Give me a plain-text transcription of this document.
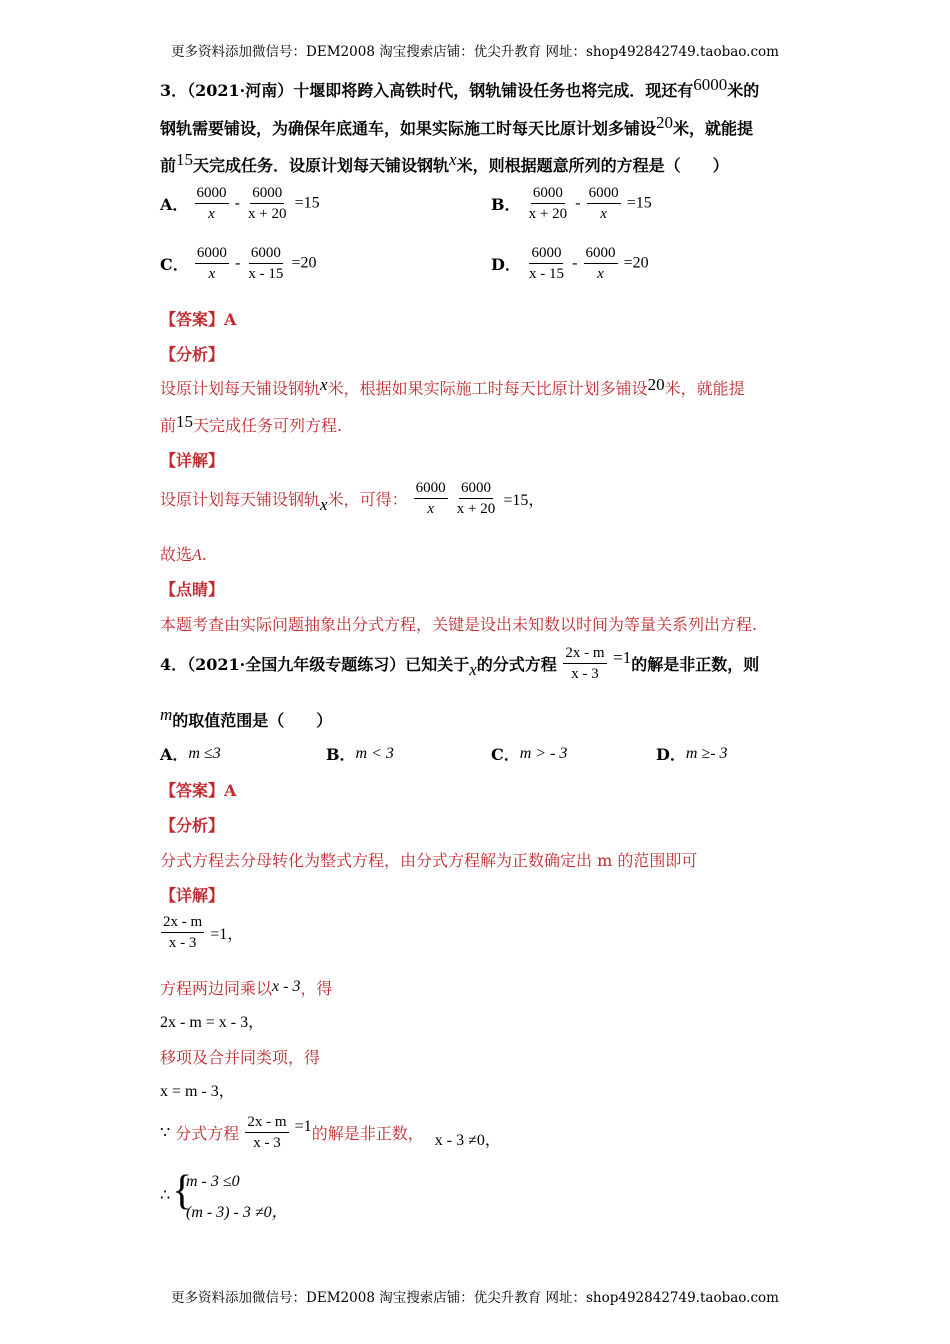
更多资料添加微信号：DEM2008 淘宝搜索店铺：优尖升教育 网址：shop492842749.taobao.com
3．（2021·河南）十堰即将跨入高铁时代，钢轨铺设任务也将完成．现还有6000米的
钢轨需要铺设，为确保年底通车，如果实际施工时每天比原计划多铺设20米，就能提
前15天完成任务．设原计划每天铺设钢轨x米，则根据题意所列的方程是（　　）
A． $\frac{6000}{x} - \frac{6000}{x + 20} =15$	B． $\frac{6000}{x + 20} - \frac{6000}{x} =15$
C． $\frac{6000}{x} - \frac{6000}{x - 15} =20$	D． $\frac{6000}{x - 15} - \frac{6000}{x} =20$
【答案】A
【分析】
设原计划每天铺设钢轨x米，根据如果实际施工时每天比原计划多铺设20米，就能提
前15天完成任务可列方程.
【详解】
设原计划每天铺设钢轨x米，可得： $\frac{6000}{x}$
$\frac{6000}{x + 20} =15$，
故选A.
【点睛】
本题考查由实际问题抽象出分式方程，关键是设出未知数以时间为等量关系列出方程.
4．（2021·全国九年级专题练习）已知关于x的分式方程 $\frac{2x - m}{x - 3} =1$的解是非正数，则
m的取值范围是（　　）
A．m ≤3	B．m < 3	C．m > - 3	D．m ≥- 3
【答案】A
【分析】
分式方程去分母转化为整式方程，由分式方程解为正数确定出 m 的范围即可
【详解】
$\frac{2x - m}{x - 3} =1$，
方程两边同乘以x - 3，得
2x - m = x - 3，
移项及合并同类项，得
x = m - 3，
∵ 分式方程 $\frac{2x - m}{x - 3} =1$的解是非正数， x - 3 ≠0，
∴ {
m - 3 ≤0
(m - 3) - 3 ≠0，
更多资料添加微信号：DEM2008 淘宝搜索店铺：优尖升教育 网址：shop492842749.taobao.com
